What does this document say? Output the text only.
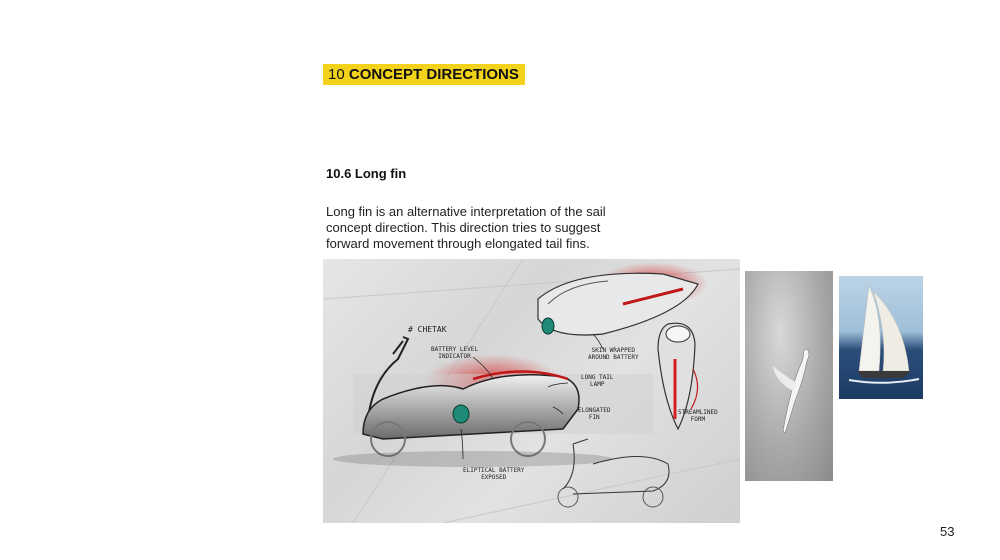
10 CONCEPT DIRECTIONS
10.6 Long fin
Long fin is an alternative interpretation of the sail concept direction. This direction tries to suggest forward movement through elongated tail fins.
# CHETAK
BATTERY LEVEL
INDICATOR
SKIN WRAPPED
AROUND BATTERY
LONG TAIL
LAMP
ELONGATED
FIN
STREAMLINED
FORM
ELIPTICAL BATTERY
EXPOSED
53
